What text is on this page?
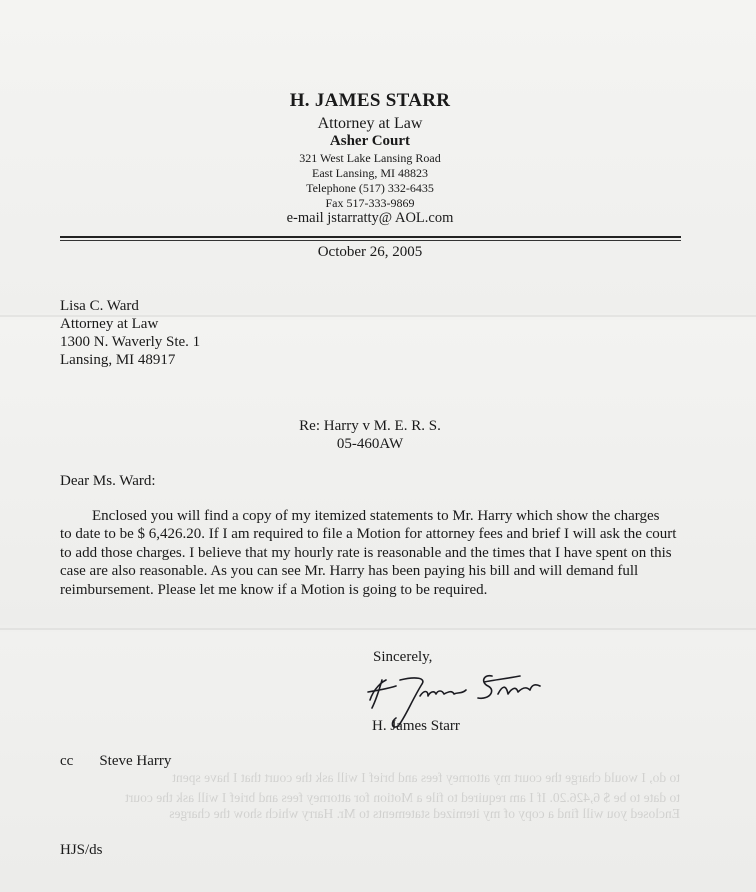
to do, I would charge the court my attorney fees and brief I will ask the court that I have spent
to date to be $ 6,426.20. If I am required to file a Motion for attorney fees and brief I will ask the court
Enclosed you will find a copy of my itemized statements to Mr. Harry which show the charges
H. JAMES STARR
Attorney at Law
Asher Court
321 West Lake Lansing Road
East Lansing, MI 48823
Telephone (517) 332-6435
Fax 517-333-9869
e-mail jstarratty@ AOL.com
October 26, 2005
Lisa C. Ward
Attorney at Law
1300 N. Waverly Ste. 1
Lansing, MI 48917
Re: Harry v M. E. R. S.
05-460AW
Dear Ms. Ward:
Enclosed you will find a copy of my itemized statements to Mr. Harry which show the charges
to date to be $ 6,426.20. If I am required to file a Motion for attorney fees and brief I will ask the court
to add those charges. I believe that my hourly rate is reasonable and the times that I have spent on this
case are also reasonable. As you can see Mr. Harry has been paying his bill and will demand full
reimbursement. Please let me know if a Motion is going to be required.
Sincerely,
H. James Starr
cc Steve Harry
HJS/ds
